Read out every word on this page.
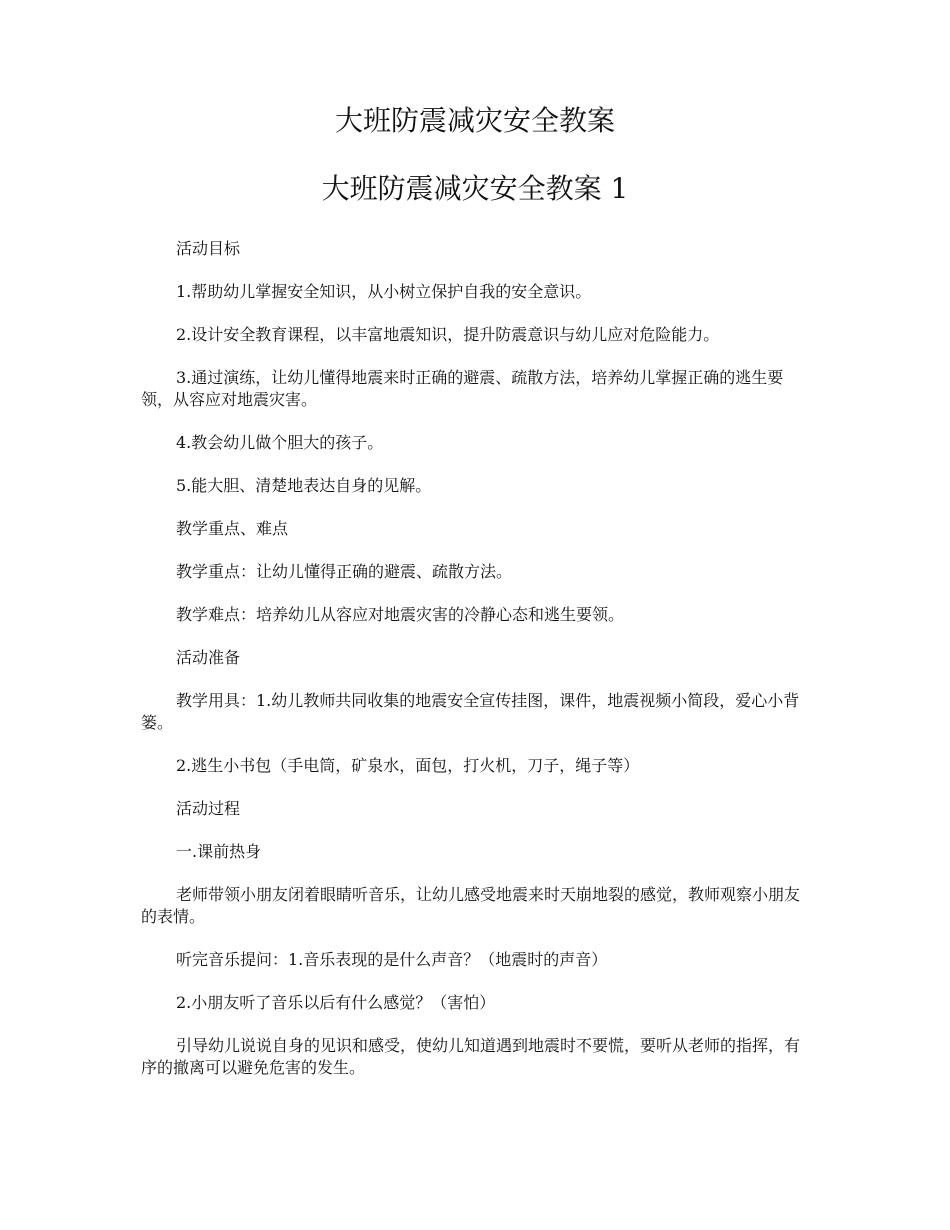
大班防震减灾安全教案
大班防震减灾安全教案 1

活动目标

1.帮助幼儿掌握安全知识，从小树立保护自我的安全意识。

2.设计安全教育课程，以丰富地震知识，提升防震意识与幼儿应对危险能力。

3.通过演练，让幼儿懂得地震来时正确的避震、疏散方法，培养幼儿掌握正确的逃生要领，从容应对地震灾害。

4.教会幼儿做个胆大的孩子。

5.能大胆、清楚地表达自身的见解。

教学重点、难点

教学重点：让幼儿懂得正确的避震、疏散方法。

教学难点：培养幼儿从容应对地震灾害的冷静心态和逃生要领。

活动准备

教学用具：1.幼儿教师共同收集的地震安全宣传挂图，课件，地震视频小简段，爱心小背篓。

2.逃生小书包（手电筒，矿泉水，面包，打火机，刀子，绳子等）

活动过程

一.课前热身

老师带领小朋友闭着眼睛听音乐，让幼儿感受地震来时天崩地裂的感觉，教师观察小朋友的表情。

听完音乐提问：1.音乐表现的是什么声音？（地震时的声音）

2.小朋友听了音乐以后有什么感觉？（害怕）

引导幼儿说说自身的见识和感受，使幼儿知道遇到地震时不要慌，要听从老师的指挥，有序的撤离可以避免危害的发生。
